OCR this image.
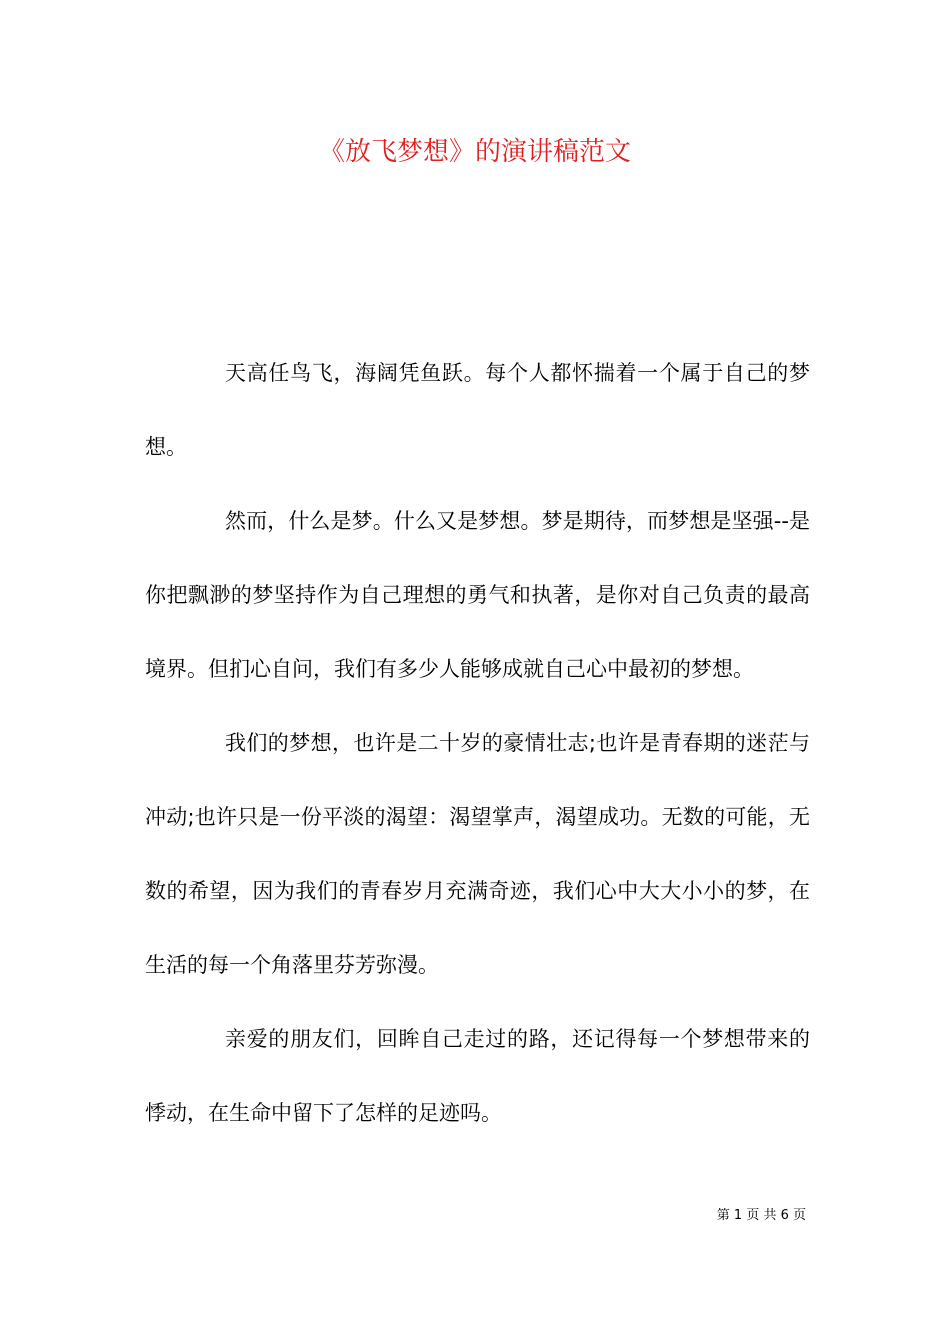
《放飞梦想》的演讲稿范文

天高任鸟飞，海阔凭鱼跃。每个人都怀揣着一个属于自己的梦想。

然而，什么是梦。什么又是梦想。梦是期待，而梦想是坚强--是你把飘渺的梦坚持作为自己理想的勇气和执著，是你对自己负责的最高境界。但扪心自问，我们有多少人能够成就自己心中最初的梦想。

我们的梦想，也许是二十岁的豪情壮志;也许是青春期的迷茫与冲动;也许只是一份平淡的渴望：渴望掌声，渴望成功。无数的可能，无数的希望，因为我们的青春岁月充满奇迹，我们心中大大小小的梦，在生活的每一个角落里芬芳弥漫。

亲爱的朋友们，回眸自己走过的路，还记得每一个梦想带来的悸动，在生命中留下了怎样的足迹吗。

第 1 页 共 6 页
